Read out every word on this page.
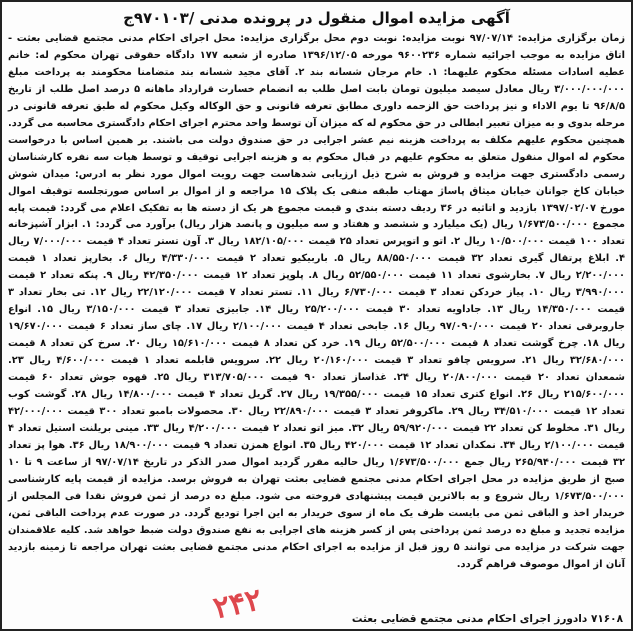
آگهی مزایده اموال منقول در پرونده مدنی /۹۷۰۱۰۳ج

زمان برگزاری مزایده: ۹۷/۰۷/۱۴ نوبت مزایده: نوبت دوم محل برگزاری مزایده: محل اجرای احکام مدنی مجتمع قضایی بعثت - اتاق مزایده به موجب اجرائیه شماره ۹۶۰۰۲۳۶ مورخه ۱۳۹۶/۱۲/۰۵ صادره از شعبه ۱۷۷ دادگاه حقوقی تهران محکوم له: خانم عطیه اسادات مسئله محکوم علیهما: ۱. خام مرجان شسانه بند ۲. آقای مجید شسانه بند متضامنا محکومند به پرداخت مبلغ ۳/۰۰۰/۰۰۰/۰۰۰ ریال معادل سیصد میلیون تومان بابت اصل طلب به انضمام خسارت قرارداد ماهانه ۵ درصد اصل طلب از تاریخ ۹۶/۸/۵ تا یوم الاداء و نیز پرداخت حق الزحمه داوری مطابق تعرفه قانونی و حق الوکاله وکیل محکوم له طبق تعرفه قانونی در مرحله بدوی و به میزان تعبیر ابطالی در حق محکوم له که میزان آن توسط واحد محترم اجرای احکام دادگستری محاسبه می گردد. همچنین محکوم علیهم مکلف به پرداخت هزینه نیم عشر اجرایی در حق صندوق دولت می باشند. بر همین اساس با درخواست محکوم له اموال منقول متعلق به محکوم علیهم در قبال محکوم به و هزینه اجرایی توقیف و توسط هیات سه نفره کارشناسان رسمی دادگستری جهت مزایده و فروش به شرح ذیل ارزیابی شدهاست جهت رویت اموال مورد نظر به ادرس: میدان شوش خیابان کاخ جوانان خیابان میثاق پاساژ مهتاب طبقه منفی یک پلاک ۱۵ مراجعه و از اموال بر اساس صورتجلسه توقیف اموال مورخ ۱۳۹۷/۰۲/۰۷ بازدید و اتاثیه در ۳۶ ردیف دسته بندی و قیمت مجموع هر یک از دسته ها به تفکیک اعلام می گردد: قیمت پایه مجموع ۱/۶۷۳/۵۰۰/۰۰۰ ریال (یک میلیارد و ششصد و هفتاد و سه میلیون و پانصد هزار ریال) برآورد می گردد: ۱. ابزار آشپزخانه تعداد ۱۰۰ قیمت ۱۰/۵۰۰/۰۰۰ ریال ۲. اتو و اتوپرس تعداد ۲۵ قیمت ۱۸۲/۱۰۵/۰۰۰ ریال ۳. آون تستر تعداد ۴ قیمت ۷/۰۰۰/۰۰۰ ریال ۴. ابلاغ پرتقال گیری تعداد ۳۲ قیمت ۸۸/۵۵۰/۰۰۰ ریال ۵. باربیکیو تعداد ۲ قیمت ۴/۳۳۰/۰۰۰ ریال ۶. بخارپز تعداد ۱ قیمت ۲/۲۰۰/۰۰۰ ریال ۷. بخارشوی تعداد ۱۱ قیمت ۵۲/۵۵۰/۰۰۰ ریال ۸. پلوپز تعداد ۱۲ قیمت ۴۲/۳۵۰/۰۰۰ ریال ۹. پنکه تعداد ۲ قیمت ۳/۹۹۰/۰۰۰ ریال ۱۰. پیاز خردکن تعداد ۳ قیمت ۶/۷۳۰/۰۰۰ ریال ۱۱. تستر تعداد ۷ قیمت ۲۲/۱۲۰/۰۰۰ ریال ۱۲. تی بخار تعداد ۳ قیمت ۱۴/۳۵۰/۰۰۰ ریال ۱۳. جاداویه تعداد ۳۰ قیمت ۲۵/۲۰۰/۰۰۰ ریال ۱۴. جابیزی تعداد ۳ قیمت ۳/۱۵۰/۰۰۰ ریال ۱۵. انواع جاروبرقی تعداد ۲۰ قیمت ۹۷/۰۹۰/۰۰۰ ریال ۱۶. جابخی تعداد ۴ قیمت ۲/۱۰۰/۰۰۰ ریال ۱۷. چای ساز تعداد ۶ قیمت ۱۹/۶۷۰/۰۰۰ ریال ۱۸. چرخ گوشت تعداد ۸ قیمت ۵۲/۵۰۰/۰۰۰ ریال ۱۹. خرد کن تعداد ۸ قیمت ۱۵/۶۱۰/۰۰۰ ریال ۲۰. سرخ کن تعداد ۸ قیمت ۳۲/۶۸۰/۰۰۰ ریال ۲۱. سرویس چاقو تعداد ۳ قیمت ۲۰/۱۶۰/۰۰۰ ریال ۲۲. سرویس قابلمه تعداد ۱ قیمت ۴/۶۰۰/۰۰۰ ریال ۲۳. شمعدان تعداد ۲۰ قیمت ۲۰/۸۰۰/۰۰۰ ریال ۲۴. غذاساز تعداد ۹۰ قیمت ۳۱۳/۷۰۵/۰۰۰ ریال ۲۵. قهوه جوش تعداد ۶۰ قیمت ۲۱۵/۶۰۰/۰۰۰ ریال ۲۶. انواع کتری تعداد ۱۵ قیمت ۱۹/۳۵۵/۰۰۰ ریال ۲۷. گریل تعداد ۴ قیمت ۱۴/۸۰۰/۰۰۰ ریال ۲۸. گوشت کوب تعداد ۱۲ قیمت ۳۴/۵۱۰/۰۰۰ ریال ۲۹. ماکروفر تعداد ۳ قیمت ۲۲/۸۹۰/۰۰۰ ریال ۳۰. محصولات بامبو تعداد ۳۰۰ قیمت ۴۲/۰۰۰/۰۰۰ ریال ۳۱. مخلوط کن تعداد ۲۲ قیمت ۵۹/۹۲۰/۰۰۰ ریال ۳۲. میز اتو تعداد ۲ قیمت ۴/۲۰۰/۰۰۰ ریال ۳۳. مینی بریلنت استیل تعداد ۴ قیمت ۲/۱۰۰/۰۰۰ ریال ۳۴. نمکدان تعداد ۱۲ قیمت ۴۲۰/۰۰۰ ریال ۳۵. انواع همزن تعداد ۹ قیمت ۱۸/۹۰۰/۰۰۰ ریال ۳۶. هوا پز تعداد ۳۲ قیمت ۲۶۵/۹۴۰/۰۰۰ ریال جمع ۱/۶۷۳/۵۰۰/۰۰۰ ریال حالیه مقرر گردید اموال صدر الذکر در تاریخ ۹۷/۰۷/۱۴ از ساعت ۹ تا ۱۰ صبح از طریق مزایده در محل اجرای احکام مدنی مجتمع قضایی بعثت تهران به فروش برسد. مزایده از قیمت پایه کارشناسی ۱/۶۷۳/۵۰۰/۰۰۰ ریال شروع و به بالاترین قیمت پیشنهادی فروخته می شود. مبلغ ده درصد از ثمن فروش نقدا فی المجلس از خریدار اخذ و الباقی ثمن می بایست ظرف یک ماه از سوی خریدار به این اجرا تودیع گردد. در صورت عدم پرداخت الباقی ثمن، مزایده تجدید و مبلغ ده درصد ثمن پرداختی پس از کسر هزینه های اجرایی به نفع صندوق دولت ضبط خواهد شد. کلیه علاقمندان جهت شرکت در مزایده می توانند ۵ روز قبل از مزایده به اجرای احکام مدنی مجتمع قضایی بعثت تهران مراجعه تا زمینه بازدید آنان از اموال موصوف فراهم گردد.

۲۴۲	۷۱۶۰۸ دادورز اجرای احکام مدنی مجتمع قضایی بعثت
